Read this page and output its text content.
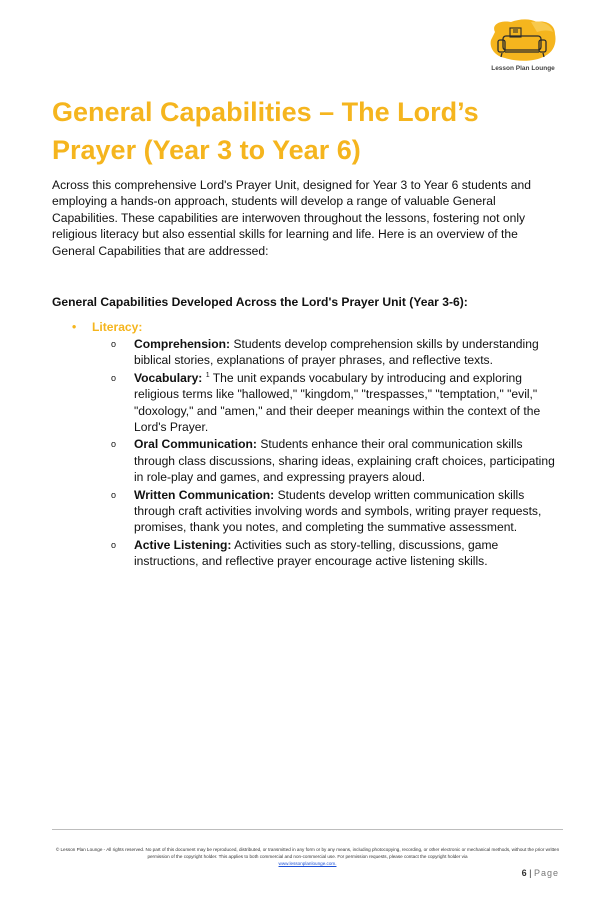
Lesson Plan Lounge
General Capabilities – The Lord’s Prayer (Year 3 to Year 6)

Across this comprehensive Lord's Prayer Unit, designed for Year 3 to Year 6 students and employing a hands-on approach, students will develop a range of valuable General Capabilities. These capabilities are interwoven throughout the lessons, fostering not only religious literacy but also essential skills for learning and life. Here is an overview of the General Capabilities that are addressed:

General Capabilities Developed Across the Lord's Prayer Unit (Year 3-6):

• Literacy:
o Comprehension: Students develop comprehension skills by understanding biblical stories, explanations of prayer phrases, and reflective texts.
o Vocabulary: $^1$ The unit expands vocabulary by introducing and exploring religious terms like "hallowed," "kingdom," "trespasses," "temptation," "evil," "doxology," and "amen," and their deeper meanings within the context of the Lord's Prayer.
o Oral Communication: Students enhance their oral communication skills through class discussions, sharing ideas, explaining craft choices, participating in role-play and games, and expressing prayers aloud.
o Written Communication: Students develop written communication skills through craft activities involving words and symbols, writing prayer requests, promises, thank you notes, and completing the summative assessment.
o Active Listening: Activities such as story-telling, discussions, game instructions, and reflective prayer encourage active listening skills.
© Lesson Plan Lounge - All rights reserved. No part of this document may be reproduced, distributed, or transmitted in any form or by any means, including photocopying, recording, or other electronic or mechanical methods, without the prior written permission of the copyright holder. This applies to both commercial and non-commercial use. For permission requests, please contact the copyright holder via
www.lessonplanlounge.com.
6 | Page
